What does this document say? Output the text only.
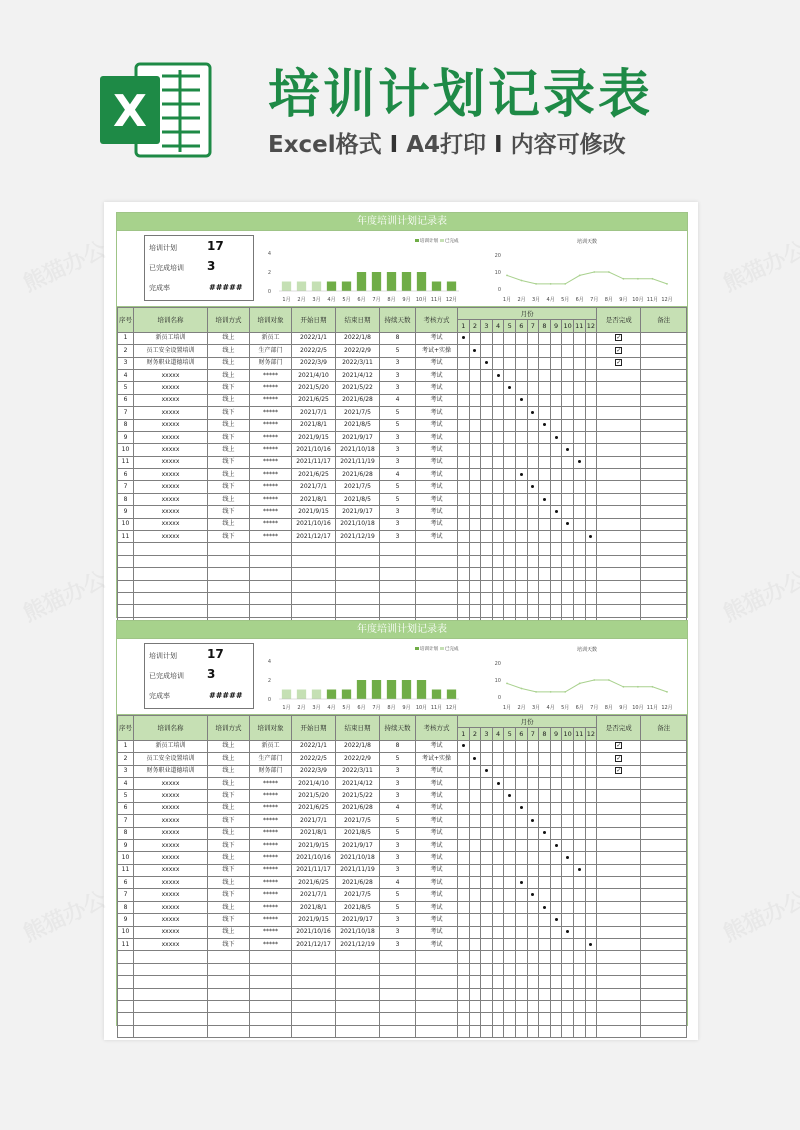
X 培训计划记录表
Excel格式 I A4打印 I 内容可修改
年度培训计划记录表
培训计划	17
已完成培训 3
完成率	#####	0
2
4
1月 2月 3月 4月 5月 6月 7月 8月 9月 10月 11月 12月
培训计划 已完成	培训天数
0
10
20
1月 2月 3月 4月 5月 6月 7月 8月 9月 10月 11月 12月
序号	培训名称	培训方式	培训对象	开始日期	结束日期	持续天数	考核方式	月份												是否完成	备注
								1	2	3	4	5	6	7	8	9	10	11	12		
1	新员工培训	线上	新员工	2022/1/1	2022/1/8	8	考试													✓	
2	员工安全设置培训	线上	生产部门	2022/2/5	2022/2/9	5	考试+实操													✓	
3	财务职业道德培训	线上	财务部门	2022/3/9	2022/3/11	3	考试													✓	
4	xxxxx	线上	*****	2021/4/10	2021/4/12	3	考试														
5	xxxxx	线下	*****	2021/5/20	2021/5/22	3	考试														
6	xxxxx	线上	*****	2021/6/25	2021/6/28	4	考试														
7	xxxxx	线下	*****	2021/7/1	2021/7/5	5	考试														
8	xxxxx	线上	*****	2021/8/1	2021/8/5	5	考试														
9	xxxxx	线下	*****	2021/9/15	2021/9/17	3	考试														
10	xxxxx	线上	*****	2021/10/16	2021/10/18	3	考试														
11	xxxxx	线下	*****	2021/11/17	2021/11/19	3	考试														
6	xxxxx	线上	*****	2021/6/25	2021/6/28	4	考试														
7	xxxxx	线下	*****	2021/7/1	2021/7/5	5	考试														
8	xxxxx	线上	*****	2021/8/1	2021/8/5	5	考试														
9	xxxxx	线下	*****	2021/9/15	2021/9/17	3	考试														
10	xxxxx	线上	*****	2021/10/16	2021/10/18	3	考试														
11	xxxxx	线下	*****	2021/12/17	2021/12/19	3	考试														

年度培训计划记录表
培训计划	17
已完成培训 3
完成率	#####	0
2
4
1月 2月 3月 4月 5月 6月 7月 8月 9月 10月 11月 12月
培训计划 已完成	培训天数
0
10
20
1月 2月 3月 4月 5月 6月 7月 8月 9月 10月 11月 12月
序号	培训名称	培训方式	培训对象	开始日期	结束日期	持续天数	考核方式	月份												是否完成	备注
								1	2	3	4	5	6	7	8	9	10	11	12		
1	新员工培训	线上	新员工	2022/1/1	2022/1/8	8	考试													✓	
2	员工安全设置培训	线上	生产部门	2022/2/5	2022/2/9	5	考试+实操													✓	
3	财务职业道德培训	线上	财务部门	2022/3/9	2022/3/11	3	考试													✓	
4	xxxxx	线上	*****	2021/4/10	2021/4/12	3	考试														
5	xxxxx	线下	*****	2021/5/20	2021/5/22	3	考试														
6	xxxxx	线上	*****	2021/6/25	2021/6/28	4	考试														
7	xxxxx	线下	*****	2021/7/1	2021/7/5	5	考试														
8	xxxxx	线上	*****	2021/8/1	2021/8/5	5	考试														
9	xxxxx	线下	*****	2021/9/15	2021/9/17	3	考试														
10	xxxxx	线上	*****	2021/10/16	2021/10/18	3	考试														
11	xxxxx	线下	*****	2021/11/17	2021/11/19	3	考试														
6	xxxxx	线上	*****	2021/6/25	2021/6/28	4	考试														
7	xxxxx	线下	*****	2021/7/1	2021/7/5	5	考试														
8	xxxxx	线上	*****	2021/8/1	2021/8/5	5	考试														
9	xxxxx	线下	*****	2021/9/15	2021/9/17	3	考试														
10	xxxxx	线上	*****	2021/10/16	2021/10/18	3	考试														
11	xxxxx	线下	*****	2021/12/17	2021/12/19	3	考试														
